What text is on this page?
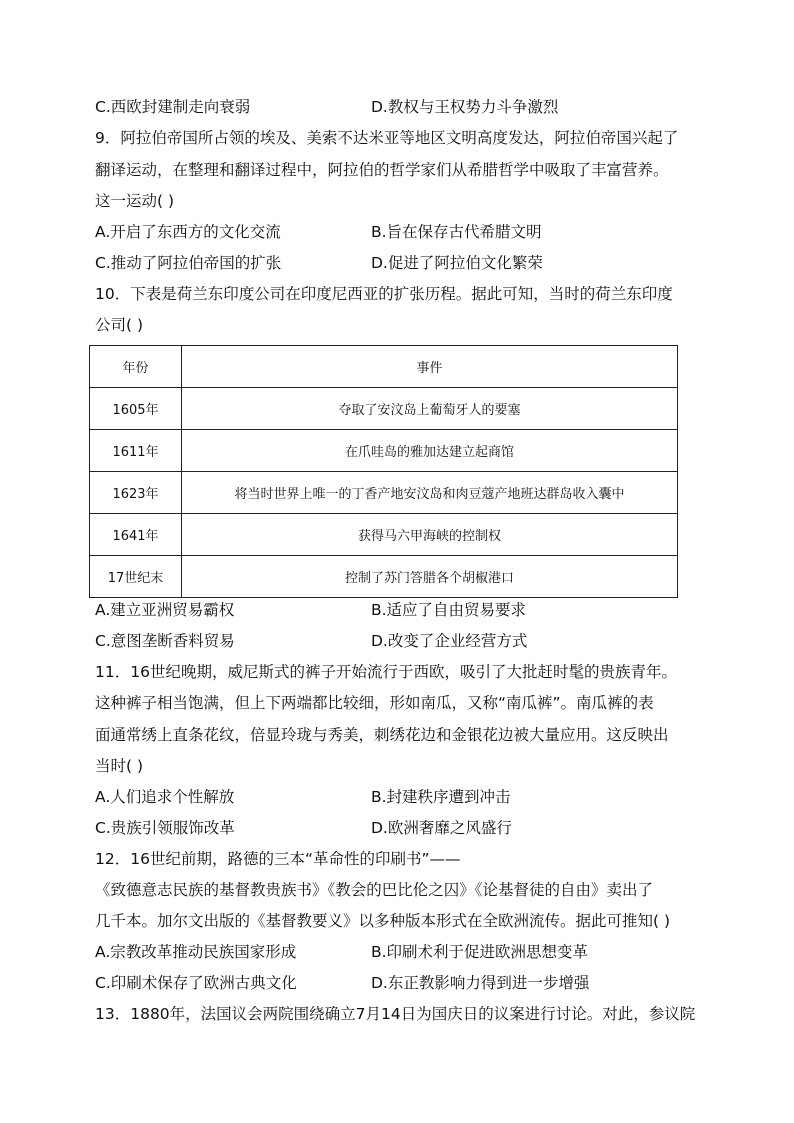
C.西欧封建制走向衰弱	D.教权与王权势力斗争激烈
9．阿拉伯帝国所占领的埃及、美索不达米亚等地区文明高度发达，阿拉伯帝国兴起了
翻译运动，在整理和翻译过程中，阿拉伯的哲学家们从希腊哲学中吸取了丰富营养。
这一运动( )
A.开启了东西方的文化交流	B.旨在保存古代希腊文明
C.推动了阿拉伯帝国的扩张	D.促进了阿拉伯文化繁荣
10．下表是荷兰东印度公司在印度尼西亚的扩张历程。据此可知，当时的荷兰东印度
公司( )
年份	事件
1605年	夺取了安汶岛上葡萄牙人的要塞
1611年	在爪哇岛的雅加达建立起商馆
1623年	将当时世界上唯一的丁香产地安汶岛和肉豆蔻产地班达群岛收入囊中
1641年	获得马六甲海峡的控制权
17世纪末	控制了苏门答腊各个胡椒港口
A.建立亚洲贸易霸权	B.适应了自由贸易要求
C.意图垄断香料贸易	D.改变了企业经营方式
11．16世纪晚期，威尼斯式的裤子开始流行于西欧，吸引了大批赶时髦的贵族青年。
这种裤子相当饱满，但上下两端都比较细，形如南瓜，又称“南瓜裤”。南瓜裤的表
面通常绣上直条花纹，倍显玲珑与秀美，刺绣花边和金银花边被大量应用。这反映出
当时( )
A.人们追求个性解放	B.封建秩序遭到冲击
C.贵族引领服饰改革	D.欧洲奢靡之风盛行
12．16世纪前期，路德的三本“革命性的印刷书”——
《致德意志民族的基督教贵族书》《教会的巴比伦之囚》《论基督徒的自由》卖出了
几千本。加尔文出版的《基督教要义》以多种版本形式在全欧洲流传。据此可推知( )
A.宗教改革推动民族国家形成	B.印刷术利于促进欧洲思想变革
C.印刷术保存了欧洲古典文化	D.东正教影响力得到进一步增强
13．1880年，法国议会两院围绕确立7月14日为国庆日的议案进行讨论。对此，参议院
